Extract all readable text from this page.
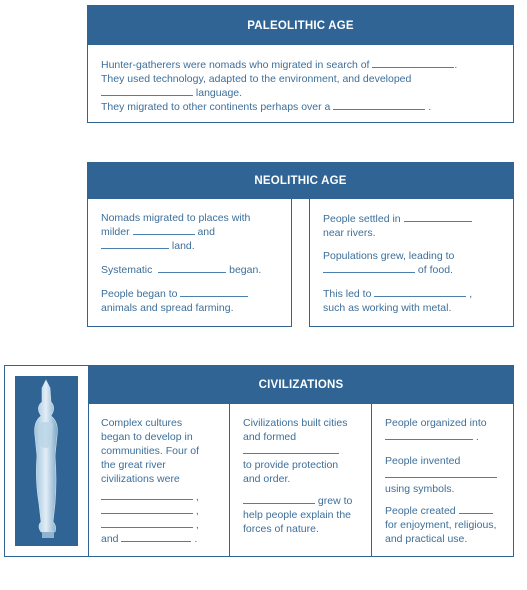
PALEOLITHIC AGE

Hunter-gatherers were nomads who migrated in search of	.

They used technology, adapted to the environment, and developed

language.

They migrated to other continents perhaps over a	.

NEOLITHIC AGE

Nomads migrated to places with

milder	and

land.

Systematic	began.

People began to

animals and spread farming.

People settled in

near rivers.

Populations grew, leading to

of food.

This led to	,

such as working with metal.

CIVILIZATIONS

Complex cultures

began to develop in

communities. Four of

the great river

civilizations were

,

,

,

and	.

Civilizations built cities

and formed

to provide protection

and order.

grew to

help people explain the

forces of nature.

People organized into

.

People invented

using symbols.

People created

for enjoyment, religious,

and practical use.
